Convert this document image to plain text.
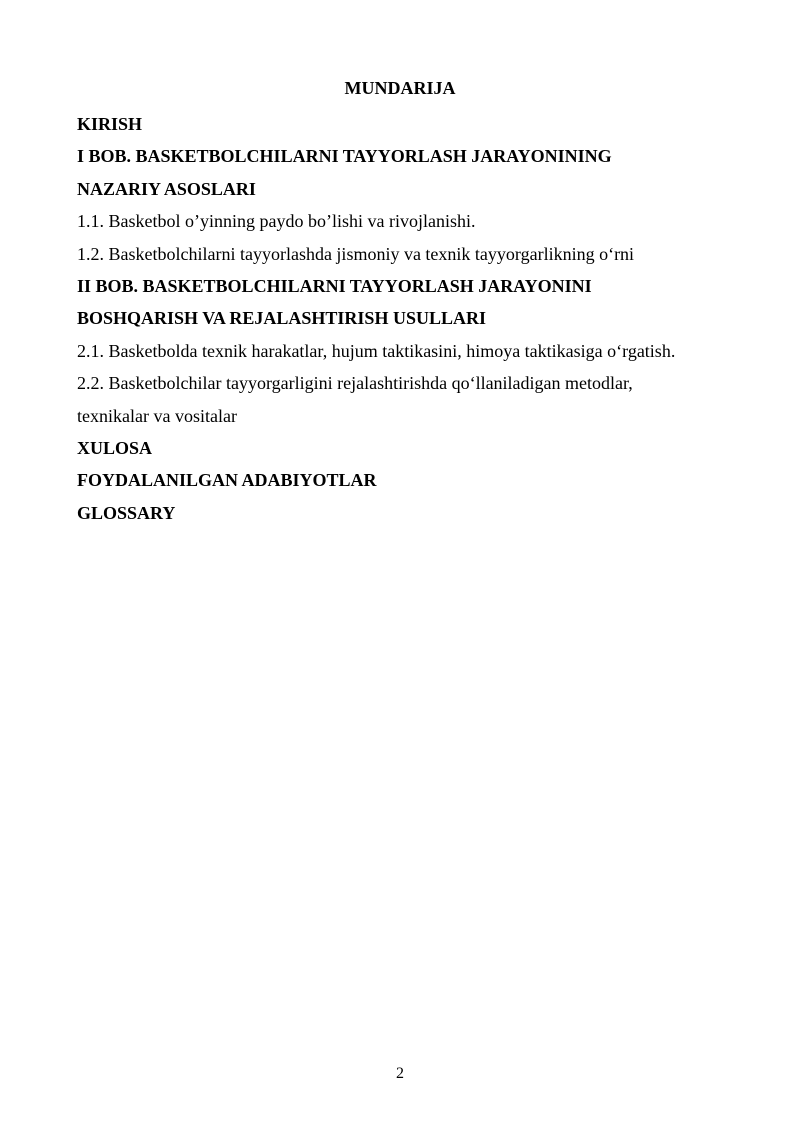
MUNDARIJA

KIRISH

I BOB. BASKETBOLCHILARNI TAYYORLASH JARAYONINING

NAZARIY ASOSLARI

1.1. Basketbol o’yinning paydo bo’lishi va rivojlanishi.

1.2. Basketbolchilarni tayyorlashda jismoniy va texnik tayyorgarlikning o‘rni

II BOB. BASKETBOLCHILARNI TAYYORLASH JARAYONINI

BOSHQARISH VA REJALASHTIRISH USULLARI

2.1. Basketbolda texnik harakatlar, hujum taktikasini, himoya taktikasiga o‘rgatish.

2.2. Basketbolchilar tayyorgarligini rejalashtirishda qo‘llaniladigan metodlar,

texnikalar va vositalar

XULOSA

FOYDALANILGAN ADABIYOTLAR

GLOSSARY

2
